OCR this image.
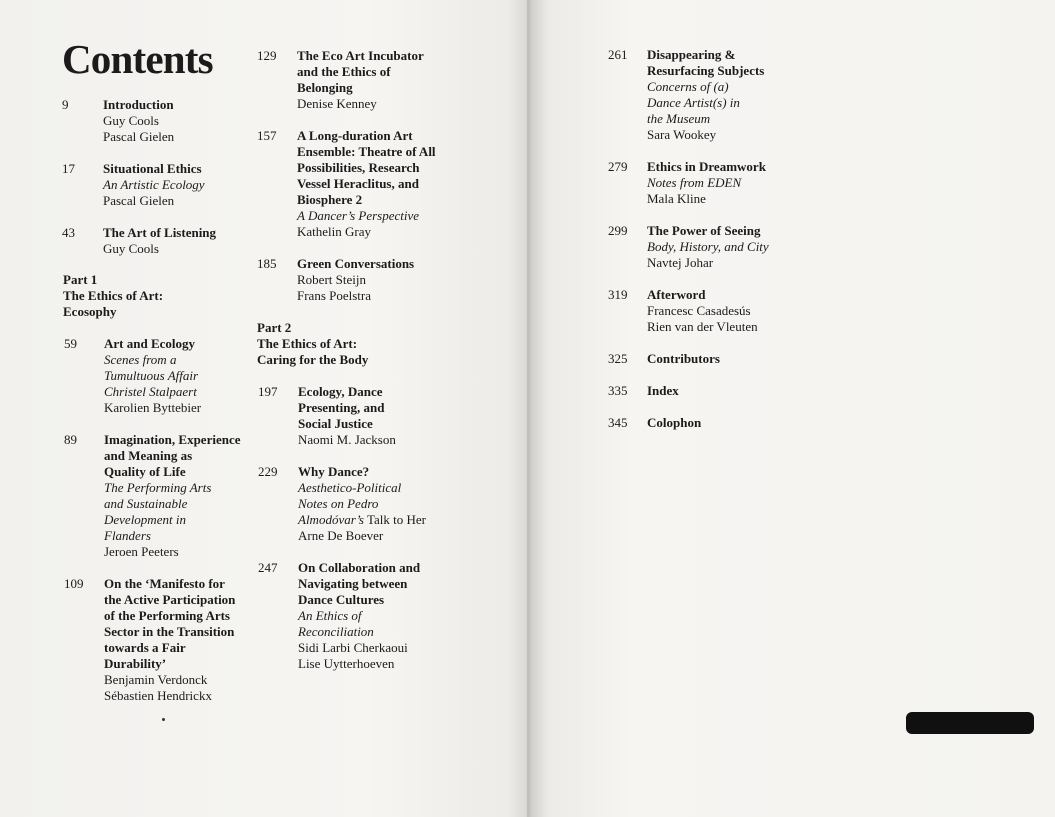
Contents
9	Introduction
Guy Cools
Pascal Gielen
17	Situational Ethics
An Artistic Ecology
Pascal Gielen
43	The Art of Listening
Guy Cools
Part 1
The Ethics of Art:
Ecosophy
59	Art and Ecology
Scenes from a
Tumultuous Affair
Christel Stalpaert
Karolien Byttebier
89	Imagination, Experience
and Meaning as
Quality of Life
The Performing Arts
and Sustainable
Development in
Flanders
Jeroen Peeters
109	On the ‘Manifesto for
the Active Participation
of the Performing Arts
Sector in the Transition
towards a Fair
Durability’
Benjamin Verdonck
Sébastien Hendrickx
129	The Eco Art Incubator
and the Ethics of
Belonging
Denise Kenney
157	A Long-duration Art
Ensemble: Theatre of All
Possibilities, Research
Vessel Heraclitus, and
Biosphere 2
A Dancer’s Perspective
Kathelin Gray
185	Green Conversations
Robert Steijn
Frans Poelstra
Part 2
The Ethics of Art:
Caring for the Body
197	Ecology, Dance
Presenting, and
Social Justice
Naomi M. Jackson
229	Why Dance?
Aesthetico-Political
Notes on Pedro
Almodóvar’s Talk to Her
Arne De Boever
247	On Collaboration and
Navigating between
Dance Cultures
An Ethics of
Reconciliation
Sidi Larbi Cherkaoui
Lise Uytterhoeven
261	Disappearing &
Resurfacing Subjects
Concerns of (a)
Dance Artist(s) in
the Museum
Sara Wookey
279	Ethics in Dreamwork
Notes from EDEN
Mala Kline
299	The Power of Seeing
Body, History, and City
Navtej Johar
319	Afterword
Francesc Casadesús
Rien van der Vleuten
325	Contributors
335	Index
345	Colophon
